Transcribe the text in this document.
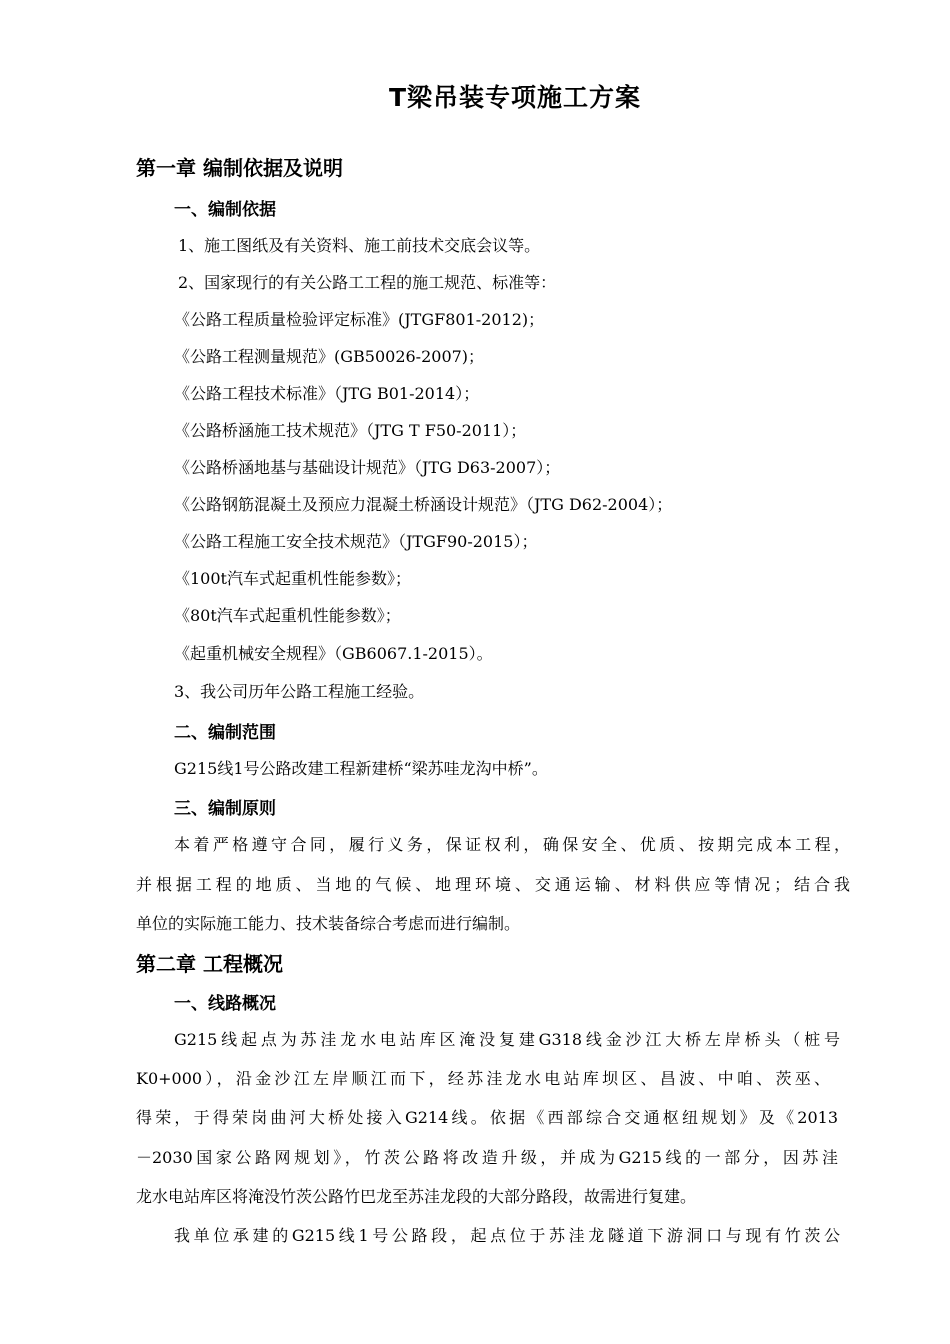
T梁吊装专项施工方案
第一章 编制依据及说明
一、编制依据
1、施工图纸及有关资料、施工前技术交底会议等。
2、国家现行的有关公路工工程的施工规范、标准等：
《公路工程质量检验评定标准》(JTGF801-2012)；
《公路工程测量规范》(GB50026-2007)；
《公路工程技术标准》（JTG B01-2014）；
《公路桥涵施工技术规范》（JTG T F50-2011）；
《公路桥涵地基与基础设计规范》（JTG D63-2007）；
《公路钢筋混凝土及预应力混凝土桥涵设计规范》（JTG D62-2004）；
《公路工程施工安全技术规范》（JTGF90-2015）；
《100t汽车式起重机性能参数》；
《80t汽车式起重机性能参数》；
《起重机械安全规程》（GB6067.1-2015）。
3、我公司历年公路工程施工经验。
二、编制范围
G215线1号公路改建工程新建桥“梁苏哇龙沟中桥”。
三、编制原则
本着严格遵守合同，履行义务，保证权利，确保安全、优质、按期完成本工程，
并根据工程的地质、当地的气候、地理环境、交通运输、材料供应等情况；结合我
单位的实际施工能力、技术装备综合考虑而进行编制。
第二章 工程概况
一、线路概况
G215线起点为苏洼龙水电站库区淹没复建G318线金沙江大桥左岸桥头（桩号
K0+000），沿金沙江左岸顺江而下，经苏洼龙水电站库坝区、昌波、中咱、茨巫、
得荣，于得荣岗曲河大桥处接入G214线。依据《西部综合交通枢纽规划》及《2013
－2030国家公路网规划》，竹茨公路将改造升级，并成为G215线的一部分，因苏洼
龙水电站库区将淹没竹茨公路竹巴龙至苏洼龙段的大部分路段，故需进行复建。
我单位承建的G215线1号公路段，起点位于苏洼龙隧道下游洞口与现有竹茨公
